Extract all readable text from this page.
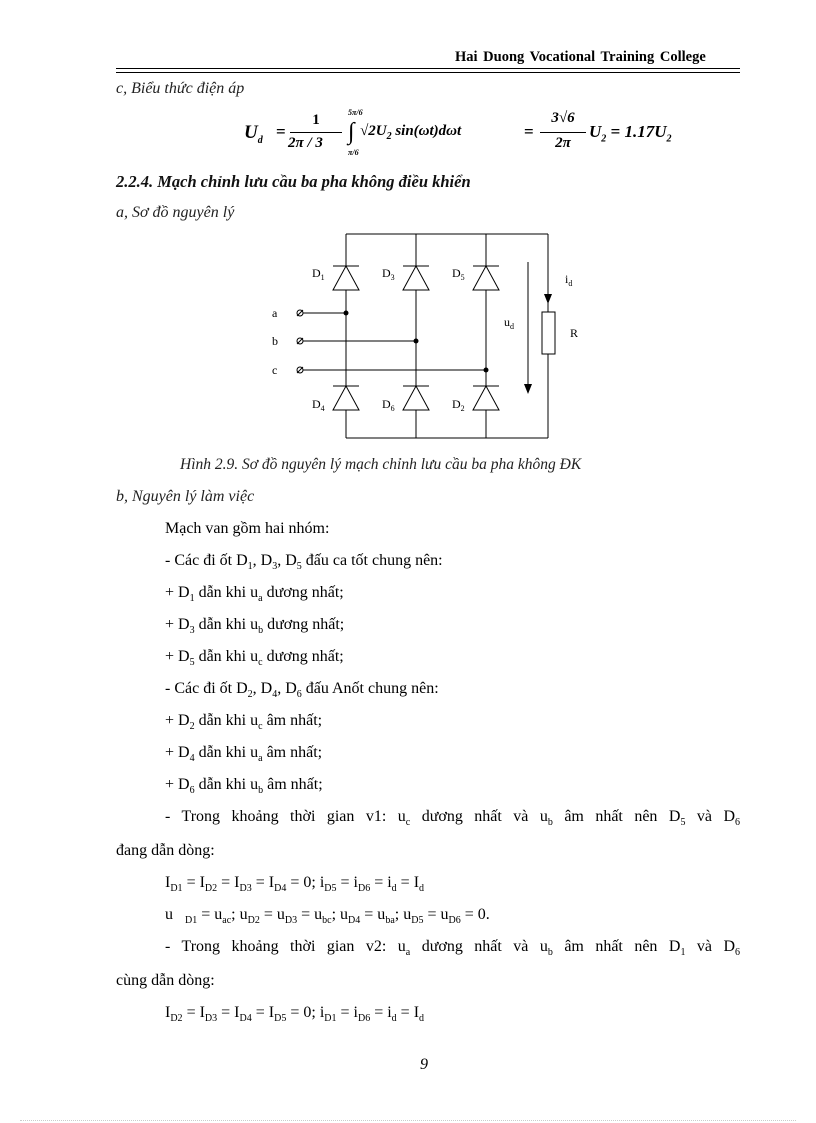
Hai Duong Vocational Training College
c, Biểu thức điện áp
$U_d$ =
1
2π / 3
5π/6
∫
π/6
$√2U_2$ sin(ωt)dωt	=
3√6
2π
$U_2 = 1.17U_2$
2.2.4. Mạch chỉnh lưu cầu ba pha không điều khiển
a, Sơ đồ nguyên lý
a
b
c
$D_1$	$D_3$	$D_5$
$D_4$	$D_6$	$D_2$
$u_d$
$i_d$
R
Hình 2.9. Sơ đồ nguyên lý mạch chỉnh lưu cầu ba pha không ĐK
b, Nguyên lý làm việc
Mạch van gồm hai nhóm:
- Các đi ốt $D_1$, $D_3$, $D_5$ đấu ca tốt chung nên:
+ $D_1$ dẫn khi $u_a$ dương nhất;
+ $D_3$ dẫn khi $u_b$ dương nhất;
+ $D_5$ dẫn khi $u_c$ dương nhất;
- Các đi ốt $D_2$, $D_4$, $D_6$ đấu Anốt chung nên:
+ $D_2$ dẫn khi $u_c$ âm nhất;
+ $D_4$ dẫn khi $u_a$ âm nhất;
+ $D_6$ dẫn khi $u_b$ âm nhất;
- Trong khoảng thời gian v1: $u_c$ dương nhất và $u_b$ âm nhất nên $D_5$ và $D_6$
đang dẫn dòng:
$I_{D1} = I_{D2} = I_{D3} = I_{D4} = 0$; $i_{D5} = i_{D6} = i_d = I_d$
u $_{D1} = u_{ac}$; $u_{D2} = u_{D3} = u_{bc}$; $u_{D4} = u_{ba}$; $u_{D5} = u_{D6} = 0$.
- Trong khoảng thời gian v2: $u_a$ dương nhất và $u_b$ âm nhất nên $D_1$ và $D_6$
cùng dẫn dòng:
$I_{D2} = I_{D3} = I_{D4} = I_{D5} = 0$; $i_{D1} = i_{D6} = i_d = I_d$
9
